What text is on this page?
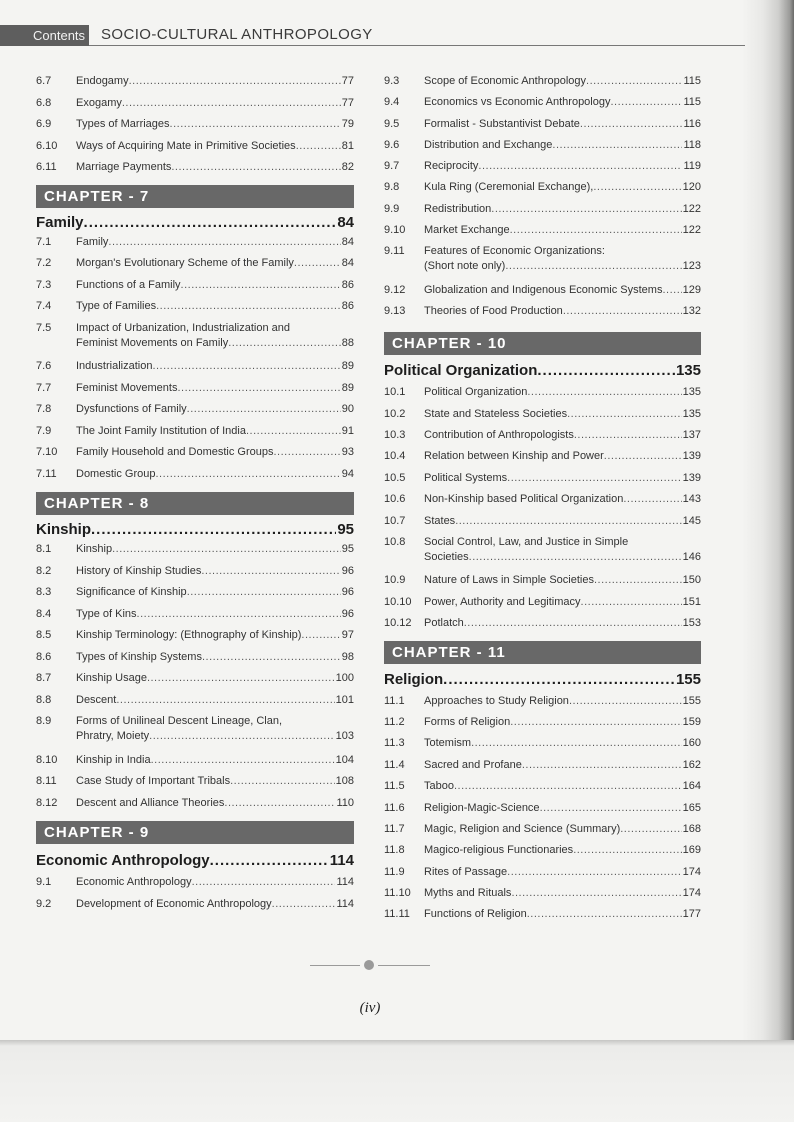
Contents SOCIO-CULTURAL ANTHROPOLOGY
6.7	Endogamy .....	77
6.8	Exogamy .....	77
6.9	Types of Marriages .....	79
6.10	Ways of Acquiring Mate in Primitive Societies .....	81
6.11	Marriage Payments .....	82
CHAPTER - 7
Family .....	84
7.1	Family .....	84
7.2	Morgan's Evolutionary Scheme of the Family .....	84
7.3	Functions of a Family .....	86
7.4	Type of Families .....	86
7.5	Impact of Urbanization, Industrialization and
Feminist Movements on Family .....	88
7.6	Industrialization .....	89
7.7	Feminist Movements .....	89
7.8	Dysfunctions of Family .....	90
7.9	The Joint Family Institution of India .....	91
7.10	Family Household and Domestic Groups .....	93
7.11	Domestic Group .....	94
CHAPTER - 8
Kinship .....	95
8.1	Kinship .....	95
8.2	History of Kinship Studies .....	96
8.3	Significance of Kinship .....	96
8.4	Type of Kins .....	96
8.5	Kinship Terminology: (Ethnography of Kinship) .....	97
8.6	Types of Kinship Systems .....	98
8.7	Kinship Usage .....	100
8.8	Descent .....	101
8.9	Forms of Unilineal Descent Lineage, Clan,
Phratry, Moiety .....	103
8.10	Kinship in India .....	104
8.11	Case Study of Important Tribals .....	108
8.12	Descent and Alliance Theories .....	110
CHAPTER - 9
Economic Anthropology .....	114
9.1	Economic Anthropology .....	114
9.2	Development of Economic Anthropology .....	114
9.3	Scope of Economic Anthropology .....	115
9.4	Economics vs Economic Anthropology .....	115
9.5	Formalist - Substantivist Debate .....	116
9.6	Distribution and Exchange .....	118
9.7	Reciprocity .....	119
9.8	Kula Ring (Ceremonial Exchange), .....	120
9.9	Redistribution .....	122
9.10	Market Exchange .....	122
9.11	Features of Economic Organizations:
(Short note only) .....	123
9.12	Globalization and Indigenous Economic Systems ..... 129
9.13	Theories of Food Production .....	132
CHAPTER - 10
Political Organization .....	135
10.1	Political Organization .....	135
10.2	State and Stateless Societies .....	135
10.3	Contribution of Anthropologists .....	137
10.4	Relation between Kinship and Power .....	139
10.5	Political Systems .....	139
10.6	Non-Kinship based Political Organization .....	143
10.7	States .....	145
10.8	Social Control, Law, and Justice in Simple
Societies .....	146
10.9	Nature of Laws in Simple Societies .....	150
10.10	Power, Authority and Legitimacy .....	151
10.12	Potlatch .....	153
CHAPTER - 11
Religion .....	155
11.1	Approaches to Study Religion .....	155
11.2	Forms of Religion .....	159
11.3	Totemism .....	160
11.4	Sacred and Profane .....	162
11.5	Taboo .....	164
11.6	Religion-Magic-Science .....	165
11.7	Magic, Religion and Science (Summary) .....	168
11.8	Magico-religious Functionaries .....	169
11.9	Rites of Passage .....	174
11.10	Myths and Rituals .....	174
11.11	Functions of Religion .....	177
(iv)
